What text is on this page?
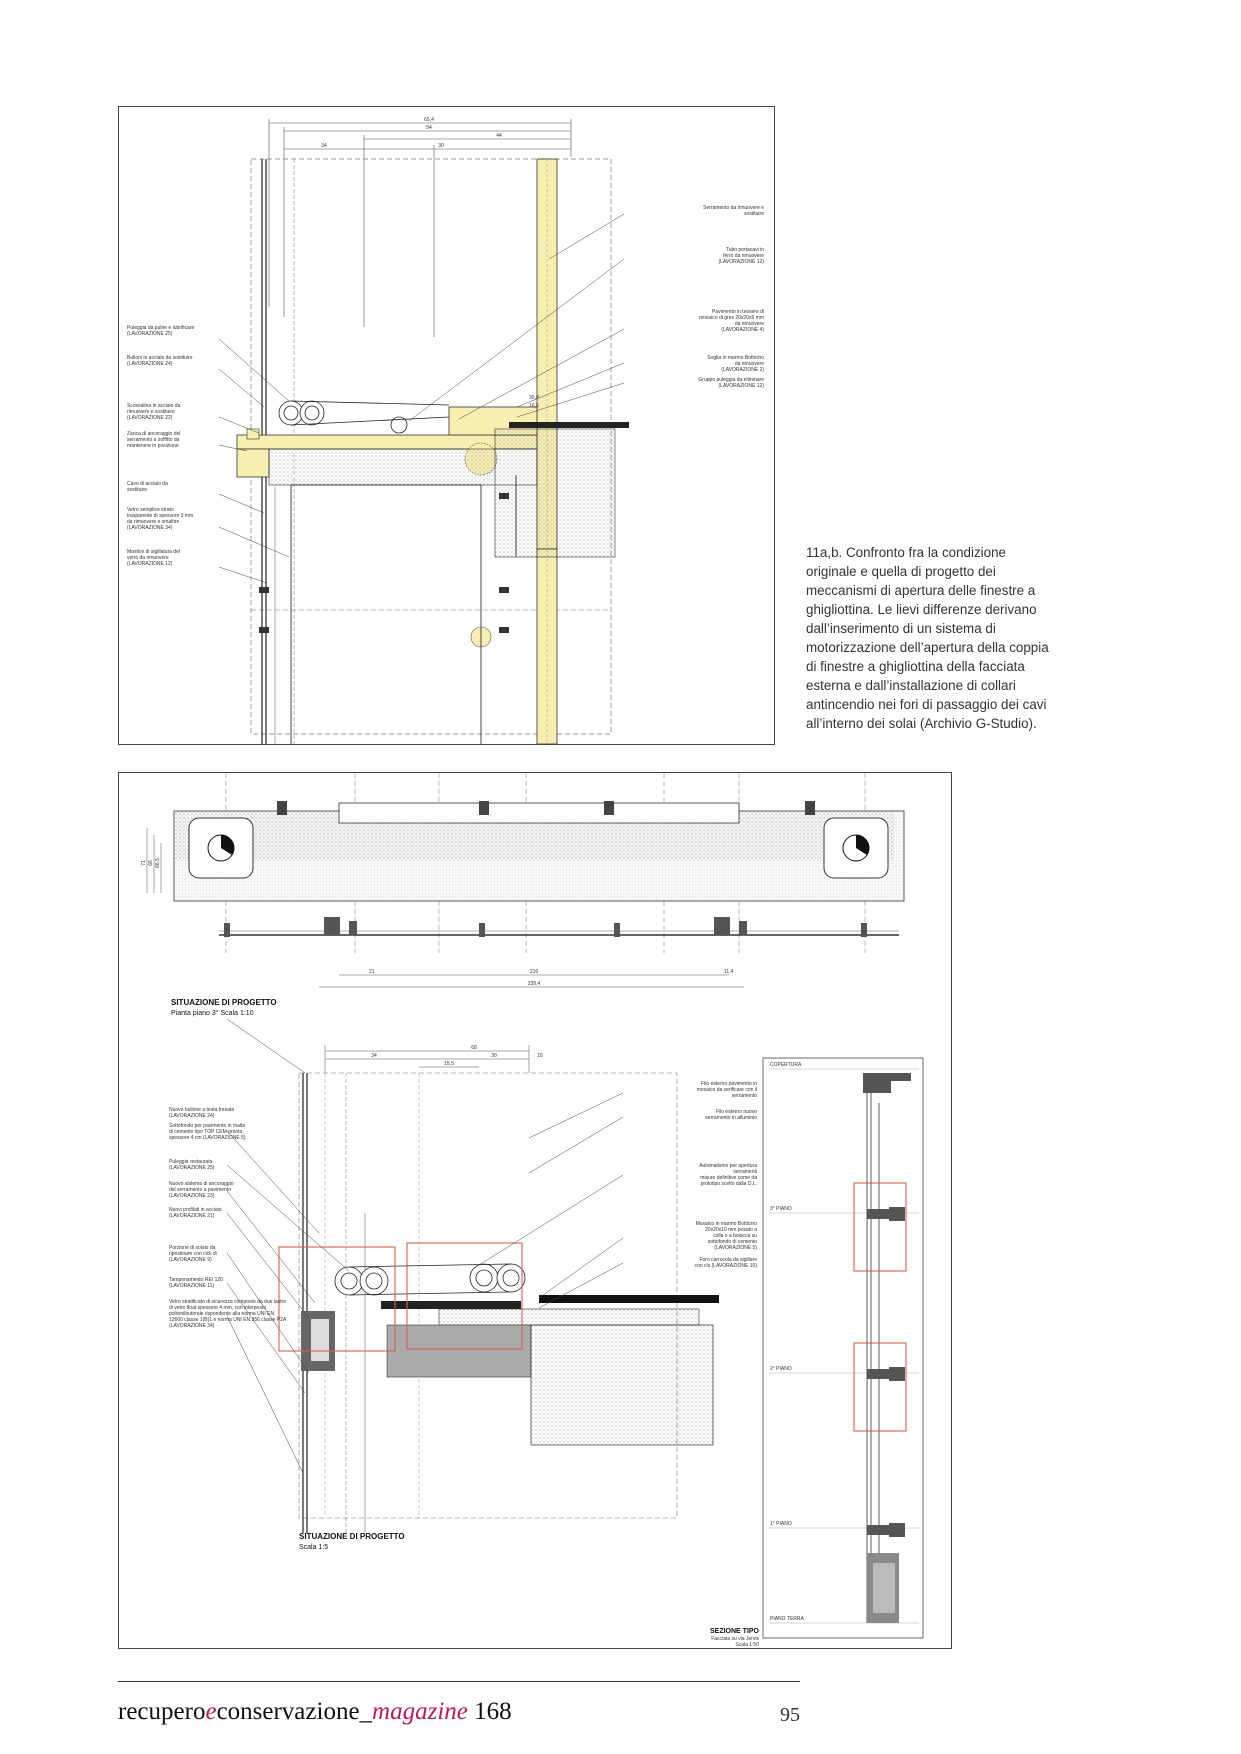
65,4
54
44
34	30
Puleggia da pulire e lubrificare (LAVORAZIONE 25)
Bulloni in acciaio da sostituire (LAVORAZIONE 24)
Scossalina in acciaio da rimuovere e sostituire (LAVORAZIONE 22)
Zanca di ancoraggio del serramento a soffitto da mantenere in posizione
Cavo di acciaio da sostituire
Vetro semplice strato trasparente di spessore 3 mm da rimuovere e smaltire (LAVORAZIONE 34)
Mastice di sigillatura del vetro da rimuovere (LAVORAZIONE 12)
Serramento da rimuovere e sostituire
Tubo portacavi in ferro da rimuovere (LAVORAZIONE 12)
Pavimento in tessere di mosaico di gres 20x20x6 mm da rimuovere (LAVORAZIONE 4)
Soglia in marmo Botticino da rimuovere (LAVORAZIONE 2)
Gruppo puleggia da eliminare (LAVORAZIONE 12)
30,8
16,5

11a,b. Confronto fra la condizione originale e quella di progetto dei meccanismi di apertura delle finestre a ghigliottina. Le lievi differenze derivano dall’inserimento di un sistema di motorizzazione dell’apertura della coppia di finestre a ghigliottina della facciata esterna e dall’installazione di collari antincendio nei fori di passaggio dei cavi all’interno dei solai (Archivio G-Studio).

21	216	11,4
239,4
71 66 66,5
SITUAZIONE DI PROGETTO
Pianta piano 3° Scala 1:10
68
34	30	10
15,5
Nuovo bullone a testa fresata (LAVORAZIONE 24)
Sottofondo per pavimento in malta di cemento tipo TOP CEM pronto, spessore 4 cm (LAVORAZIONE 5)
Puleggia restaurata (LAVORAZIONE 25)
Nuovo sistema di ancoraggio del serramento a pavimento (LAVORAZIONE 23)
Nuovi profilati in acciaio (LAVORAZIONE 21)
Porzione di solaio da ripristinare con cicli di (LAVORAZIONE 9)
Tamponamento REI 120 (LAVORAZIONE 11)
Vetro stratificato di sicurezza composto da due lastre di vetro float spessore 4 mm, con interposto polivinilbutirrale rispondente alla norma UNI EN 12600 classe 1(B)1 e norma UNI EN 356 classe P2A (LAVORAZIONE 34)
Filo esterno pavimento in mosaico da verificare con il serramento
Filo esterno nuovo serramento in alluminio
Automatismo per apertura serramenti misure definitive come da prototipo scelto dalla D.L.
Mosaico in marmo Botticino 20x20x10 mm posato a colla o a boiacca su sottofondo di cemento (LAVORAZIONE 5)
Foro carrucola da sigillare con cls (LAVORAZIONE 10)
SITUAZIONE DI PROGETTO
Scala 1:5
COPERTURA
3° PIANO
2° PIANO
1° PIANO
PIANO TERRA
SEZIONE TIPO
Facciata su via Jervis
Scala 1:50
recuperoeconservazione_magazine 168	95
